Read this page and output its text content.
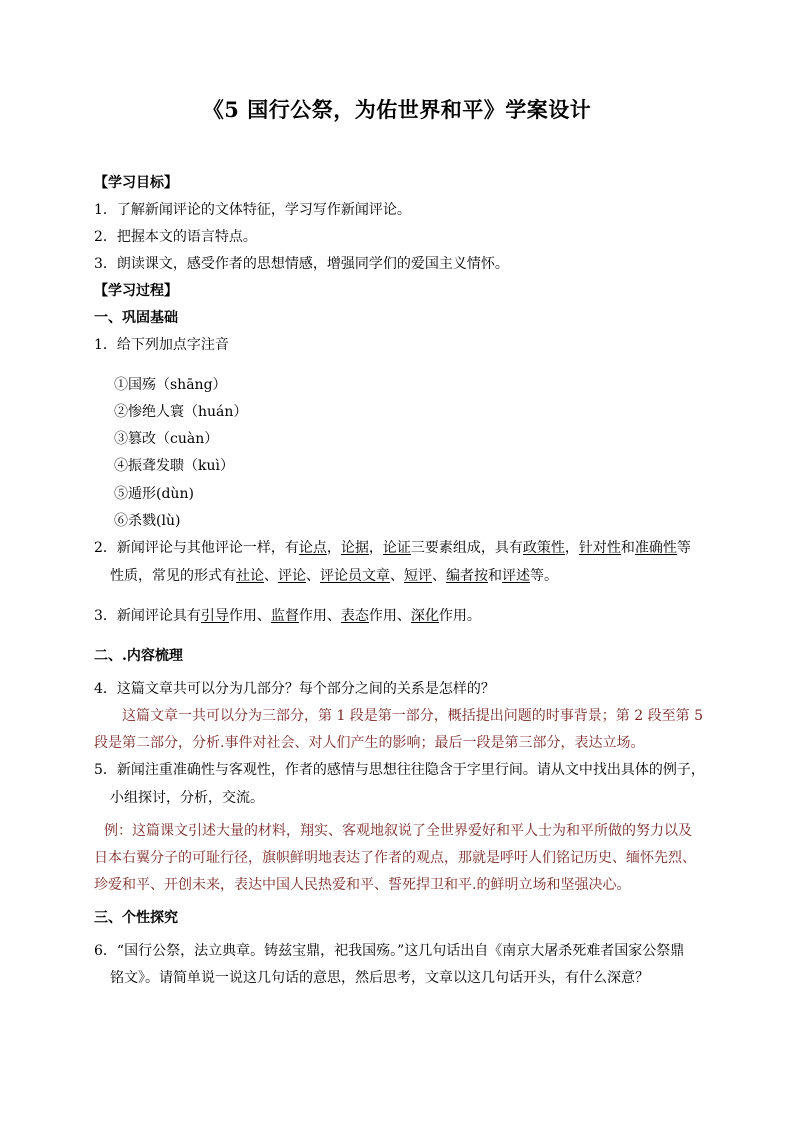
《5 国行公祭，为佑世界和平》学案设计
【学习目标】
1．了解新闻评论的文体特征，学习写作新闻评论。
2．把握本文的语言特点。
3．朗读课文，感受作者的思想情感，增强同学们的爱国主义情怀。
【学习过程】
一、巩固基础
1．给下列加点字注音
①国殇（shāng）
②惨绝人寰（huán）
③篡改（cuàn）
④振聋发聩（kuì）
⑤遁形(dùn)
⑥杀戮(lù)
2．新闻评论与其他评论一样，有论点，论据，论证三要素组成，具有政策性，针对性和准确性等
性质，常见的形式有社论、评论、评论员文章、短评、编者按和评述等。
3．新闻评论具有引导作用、监督作用、表态作用、深化作用。
二、.内容梳理
4．这篇文章共可以分为几部分？每个部分之间的关系是怎样的？
这篇文章一共可以分为三部分，第 1 段是第一部分，概括提出问题的时事背景；第 2 段至第 5
段是第二部分，分析.事件对社会、对人们产生的影响；最后一段是第三部分，表达立场。
5．新闻注重准确性与客观性，作者的感情与思想往往隐含于字里行间。请从文中找出具体的例子，
小组探讨，分析，交流。
例：这篇课文引述大量的材料，翔实、客观地叙说了全世界爱好和平人士为和平所做的努力以及
日本右翼分子的可耻行径，旗帜鲜明地表达了作者的观点，那就是呼吁人们铭记历史、缅怀先烈、
珍爱和平、开创未来，表达中国人民热爱和平、誓死捍卫和平.的鲜明立场和坚强决心。
三、个性探究
6．“国行公祭，法立典章。铸兹宝鼎，祀我国殇。”这几句话出自《南京大屠杀死难者国家公祭鼎
铭文》。请简单说一说这几句话的意思，然后思考，文章以这几句话开头，有什么深意？
